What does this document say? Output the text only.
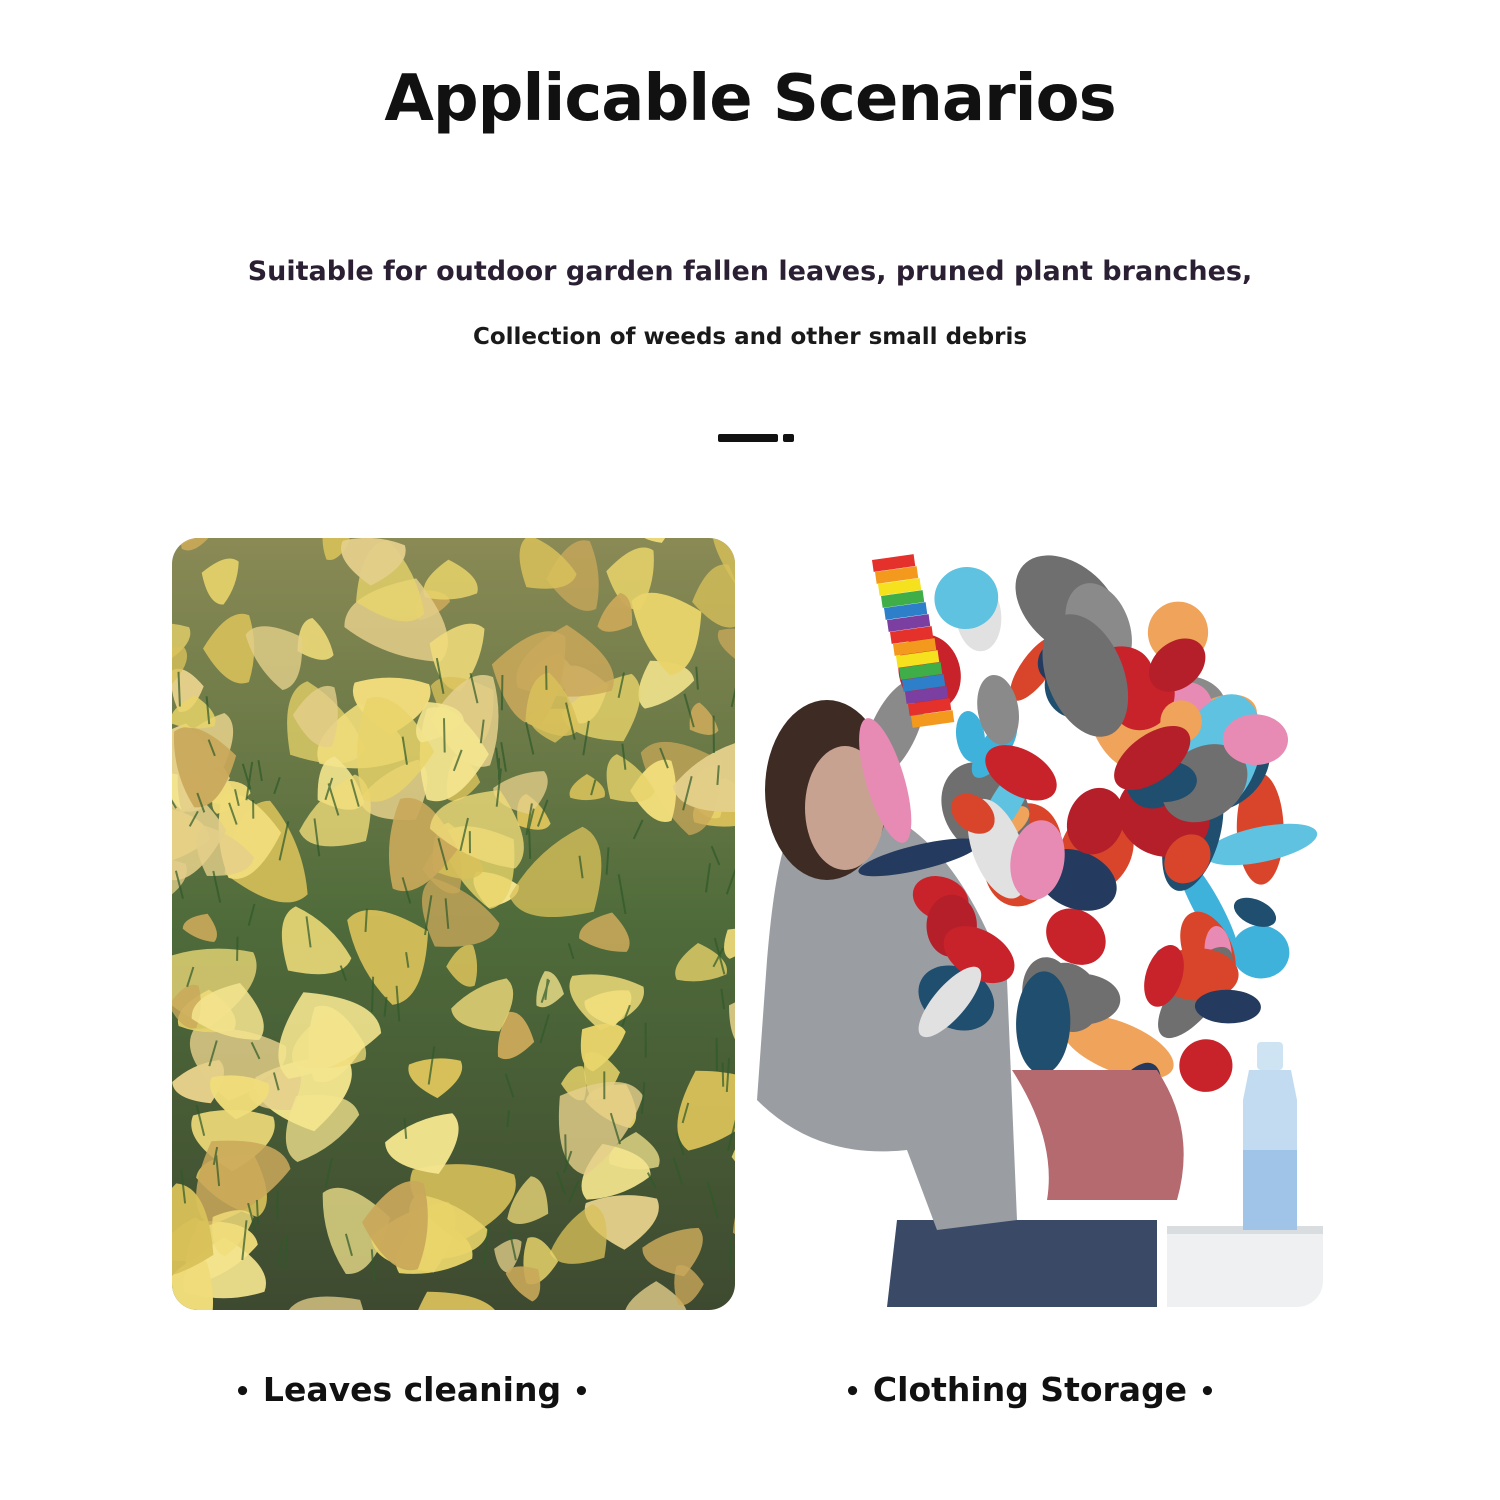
Applicable Scenarios
Suitable for outdoor garden fallen leaves, pruned plant branches,
Collection of weeds and other small debris
• Leaves cleaning •	• Clothing Storage •
